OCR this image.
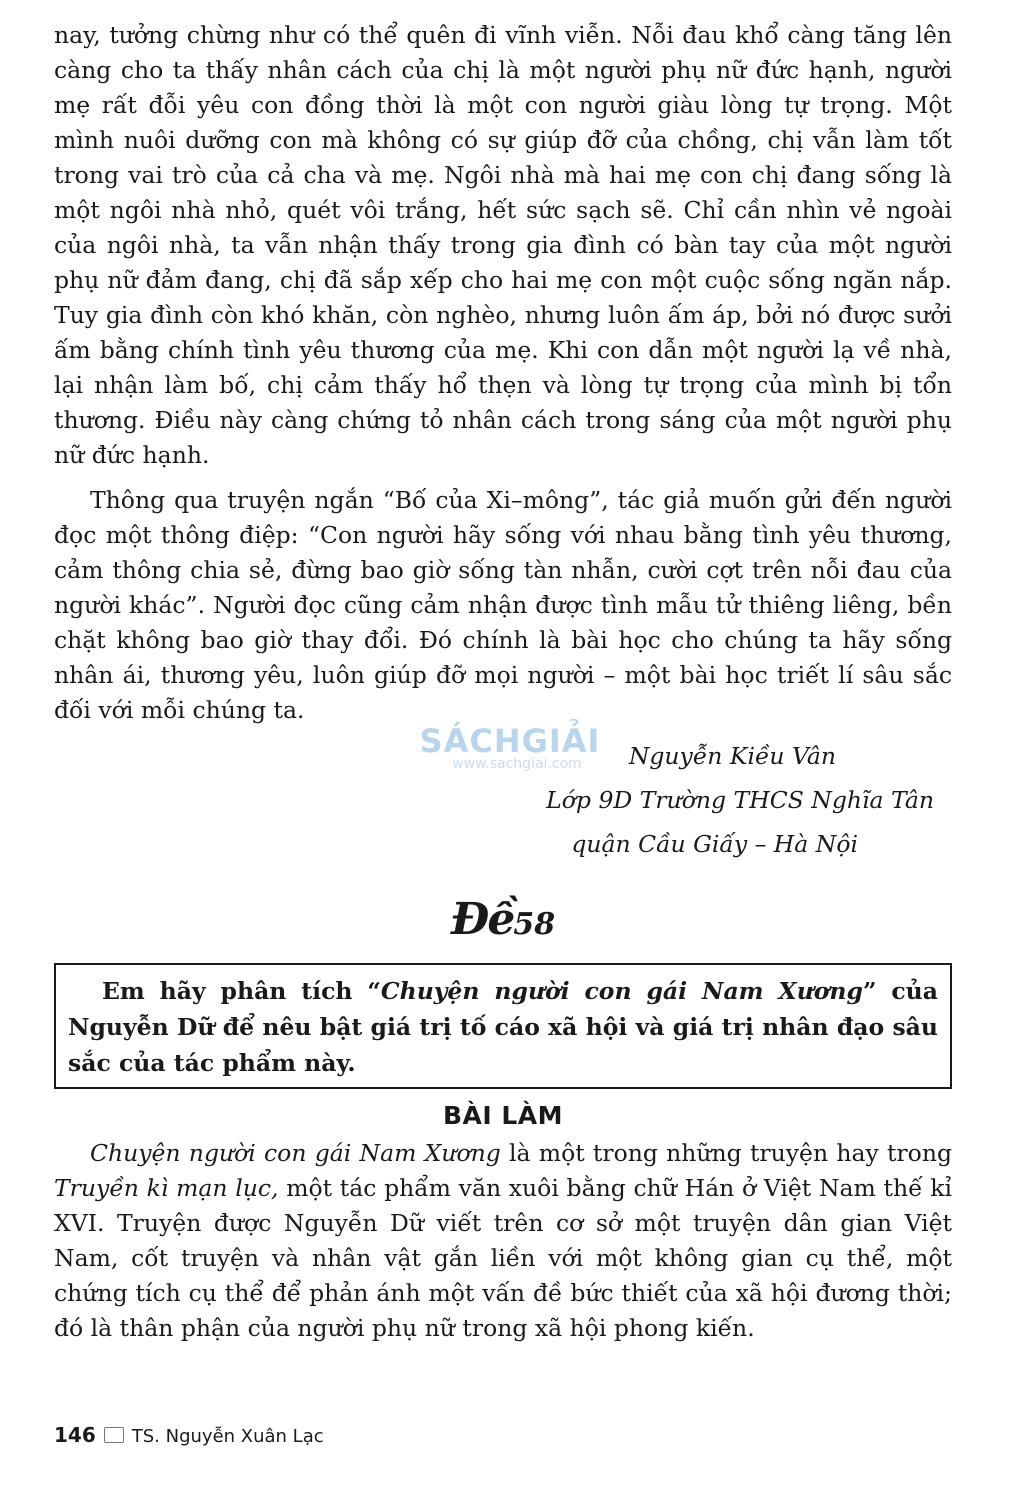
nay, tưởng chừng như có thể quên đi vĩnh viễn. Nỗi đau khổ càng tăng lên càng cho ta thấy nhân cách của chị là một người phụ nữ đức hạnh, người mẹ rất đỗi yêu con đồng thời là một con người giàu lòng tự trọng. Một mình nuôi dưỡng con mà không có sự giúp đỡ của chồng, chị vẫn làm tốt trong vai trò của cả cha và mẹ. Ngôi nhà mà hai mẹ con chị đang sống là một ngôi nhà nhỏ, quét vôi trắng, hết sức sạch sẽ. Chỉ cần nhìn vẻ ngoài của ngôi nhà, ta vẫn nhận thấy trong gia đình có bàn tay của một người phụ nữ đảm đang, chị đã sắp xếp cho hai mẹ con một cuộc sống ngăn nắp. Tuy gia đình còn khó khăn, còn nghèo, nhưng luôn ấm áp, bởi nó được sưởi ấm bằng chính tình yêu thương của mẹ. Khi con dẫn một người lạ về nhà, lại nhận làm bố, chị cảm thấy hổ thẹn và lòng tự trọng của mình bị tổn thương. Điều này càng chứng tỏ nhân cách trong sáng của một người phụ nữ đức hạnh.

Thông qua truyện ngắn “Bố của Xi–mông”, tác giả muốn gửi đến người đọc một thông điệp: “Con người hãy sống với nhau bằng tình yêu thương, cảm thông chia sẻ, đừng bao giờ sống tàn nhẫn, cười cợt trên nỗi đau của người khác”. Người đọc cũng cảm nhận được tình mẫu tử thiêng liêng, bền chặt không bao giờ thay đổi. Đó chính là bài học cho chúng ta hãy sống nhân ái, thương yêu, luôn giúp đỡ mọi người – một bài học triết lí sâu sắc đối với mỗi chúng ta.

Nguyễn Kiều Vân

Lớp 9D Trường THCS Nghĩa Tân

quận Cầu Giấy – Hà Nội

Đề58
Em hãy phân tích “Chuyện người con gái Nam Xương” của Nguyễn Dữ để nêu bật giá trị tố cáo xã hội và giá trị nhân đạo sâu sắc của tác phẩm này.
BÀI LÀM

Chuyện người con gái Nam Xương là một trong những truyện hay trong Truyền kì mạn lục, một tác phẩm văn xuôi bằng chữ Hán ở Việt Nam thế kỉ XVI. Truyện được Nguyễn Dữ viết trên cơ sở một truyện dân gian Việt Nam, cốt truyện và nhân vật gắn liền với một không gian cụ thể, một chứng tích cụ thể để phản ánh một vấn đề bức thiết của xã hội đương thời; đó là thân phận của người phụ nữ trong xã hội phong kiến.

SÁCHGIẢI
www.sachgiai.com
146 TS. Nguyễn Xuân Lạc
